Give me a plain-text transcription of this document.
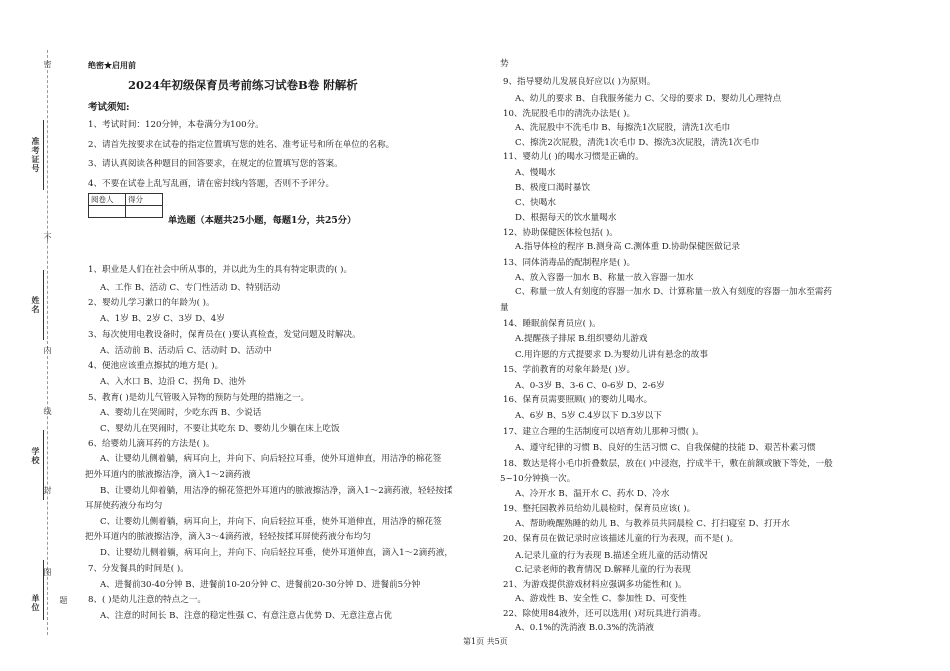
准考证号
姓名
学校
单位
密
不
内
线
封
图
题
绝密★启用前
2024年初级保育员考前练习试卷B卷 附解析
考试须知:
1、考试时间：120分钟，本卷满分为100分。
2、请首先按要求在试卷的指定位置填写您的姓名、准考证号和所在单位的名称。
3、请认真阅读各种题目的回答要求，在规定的位置填写您的答案。
4、不要在试卷上乱写乱画，请在密封线内答题，否则不予评分。
阅卷人	得分

单选题（本题共25小题，每题1分，共25分）
1、职业是人们在社会中所从事的，并以此为生的具有特定职责的( )。
A、工作 B、活动 C、专门性活动 D、特别活动
2、婴幼儿学习漱口的年龄为( )。
A、1岁 B、2岁 C、3岁 D、4岁
3、每次使用电教设备时，保育员在( )要认真检查，发觉问题及时解决。
A、活动前 B、活动后 C、活动时 D、活动中
4、便池应该重点擦拭的地方是( )。
A、入水口 B、边沿 C、拐角 D、池外
5、教育( )是幼儿气管吸入异物的预防与处理的措施之一。
A、婴幼儿在哭闹时，少吃东西 B、少说话
C、婴幼儿在哭闹时，不要让其吃东 D、婴幼儿少躺在床上吃饭
6、给婴幼儿滴耳药的方法是( )。
A、让婴幼儿侧着躺，病耳向上，并向下、向后轻拉耳垂，使外耳道伸直，用洁净的棉花签
把外耳道内的脓液擦洁净，滴入1～2滴药液
B、让婴幼儿仰着躺，用洁净的棉花签把外耳道内的脓液擦洁净，滴入1～2滴药液，轻轻按揉
耳屏使药液分布均匀
C、让婴幼儿侧着躺，病耳向上，并向下、向后轻拉耳垂，使外耳道伸直，用洁净的棉花签
把外耳道内的脓液擦洁净，滴入3～4滴药液，轻轻按揉耳屏使药液分布均匀
D、让婴幼儿侧着躺，病耳向上，并向下、向后轻拉耳垂，使外耳道伸直，滴入1～2滴药液，
7、分发餐具的时间是( )。
A、进餐前30-40分钟 B、进餐前10-20分钟 C、进餐前20-30分钟 D、进餐前5分钟
8、( )是幼儿注意的特点之一。
A、注意的时间长 B、注意的稳定性强 C、有意注意占优势 D、无意注意占优
势
9、指导婴幼儿发展良好应以( )为原则。
A、幼儿的要求 B、自我服务能力 C、父母的要求 D、婴幼儿心理特点
10、洗屁股毛巾的清洗办法是( )。
A、洗屁股中不洗毛巾 B、每擦洗1次屁股，清洗1次毛巾
C、擦洗2次屁股，清洗1次毛巾 D、擦洗3次屁股，清洗1次毛巾
11、婴幼儿( )的喝水习惯是正确的。
A、慢喝水
B、极度口渴时暴饮
C、快喝水
D、根据每天的饮水量喝水
12、协助保健医体检包括( )。
A.指导体检的程序 B.测身高 C.测体重 D.协助保健医做记录
13、同体消毒品的配制程序是( )。
A、放入容器一加水 B、称量一放入容器一加水
C、称量一放人有刻度的容器一加水 D、计算称量一放入有刻度的容器一加水至需药
量
14、睡眠前保育员应( )。
A.提醒孩子排尿 B.组织婴幼儿游戏
C.用许愿的方式提要求 D.为婴幼儿讲有悬念的故事
15、学前教育的对象年龄是( )岁。
A、0-3岁 B、3-6 C、0-6岁 D、2-6岁
16、保育员需要照顾( )的婴幼儿喝水。
A、6岁 B、5岁 C.4岁以下 D.3岁以下
17、建立合理的生活制度可以培育幼儿那种习惯( )。
A、遵守纪律的习惯 B、良好的生活习惯 C、自我保健的技能 D、艰苦朴素习惯
18、数达是将小毛巾折叠数层，放在( )中浸泡，拧成半干，敷在前额或腋下等处，一般
5~10分钟换一次。
A、冷开水 B、温开水 C、药水 D、冷水
19、整托园教养员给幼儿晨检时，保育员应该( )。
A、帮助晚醒熟睡的幼儿 B、与教养员共同晨检 C、打扫寝室 D、打开水
20、保育员在做记录时应该描述儿童的行为表现，而不是( )。
A.记录儿童的行为表现 B.描述全班儿童的活动情况
C.记录老师的教育情况 D.解释儿童的行为表现
21、为游戏提供游戏材料应强调多功能性和( )。
A、游戏性 B、安全性 C、参加性 D、可变性
22、除使用84液外，还可以选用( )对玩具进行消毒。
A、0.1%的洗消液 B.0.3%的洗消液
第1页 共5页
